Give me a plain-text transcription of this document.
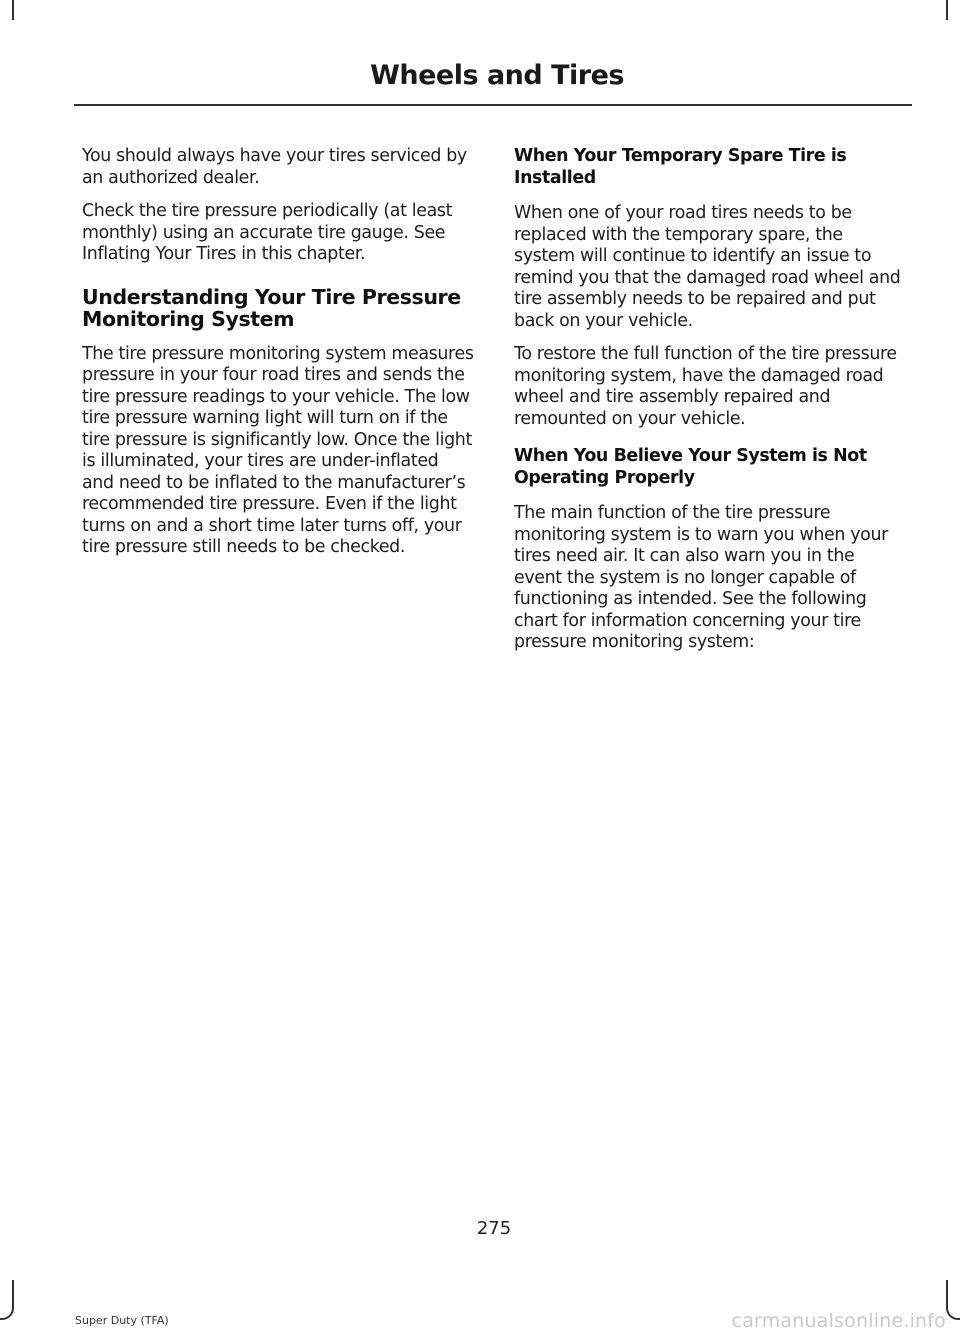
Wheels and Tires

You should always have your tires serviced by an authorized dealer.

Check the tire pressure periodically (at least monthly) using an accurate tire gauge. See Inflating Your Tires in this chapter.

Understanding Your Tire Pressure Monitoring System

The tire pressure monitoring system measures pressure in your four road tires and sends the tire pressure readings to your vehicle. The low tire pressure warning light will turn on if the tire pressure is significantly low. Once the light is illuminated, your tires are under-inflated and need to be inflated to the manufacturer’s recommended tire pressure. Even if the light turns on and a short time later turns off, your tire pressure still needs to be checked.

When Your Temporary Spare Tire is Installed

When one of your road tires needs to be replaced with the temporary spare, the system will continue to identify an issue to remind you that the damaged road wheel and tire assembly needs to be repaired and put back on your vehicle.

To restore the full function of the tire pressure monitoring system, have the damaged road wheel and tire assembly repaired and remounted on your vehicle.

When You Believe Your System is Not Operating Properly

The main function of the tire pressure monitoring system is to warn you when your tires need air. It can also warn you in the event the system is no longer capable of functioning as intended. See the following chart for information concerning your tire pressure monitoring system:

275
Super Duty (TFA)	carmanualsonline.info
